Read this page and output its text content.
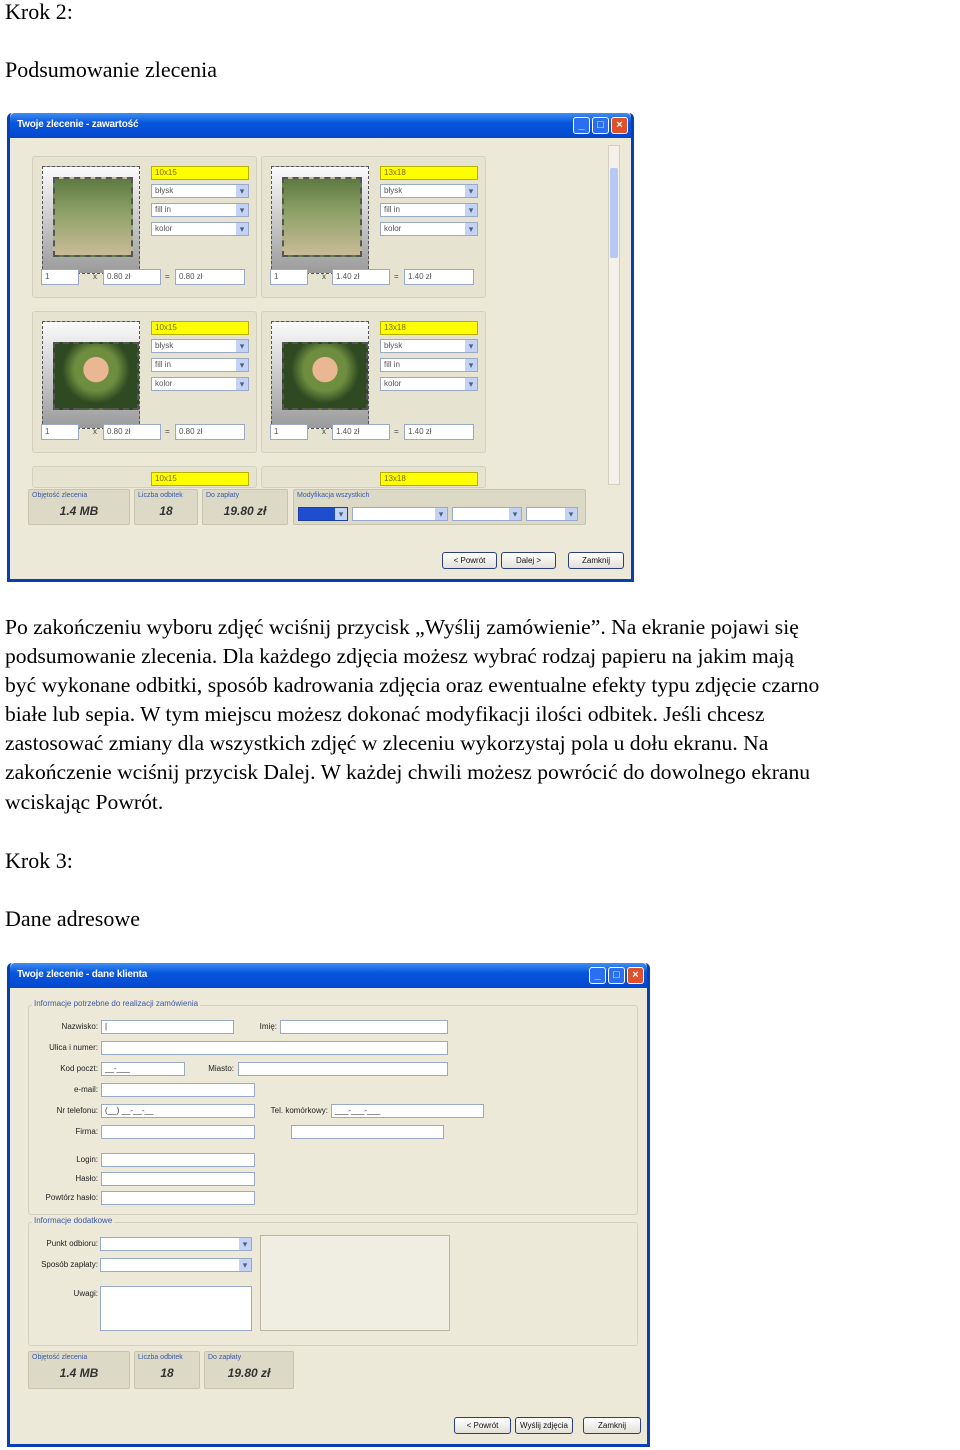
Krok 2:
Podsumowanie zlecenia
Twoje zlecenie - zawartość	_	□	×
10x15
błysk ▾
fill in ▾
kolor ▾
1	x	0.80 zł	=	0.80 zł
13x18
błysk ▾
fill in ▾
kolor ▾
1	x	1.40 zł	=	1.40 zł
10x15
błysk ▾
fill in ▾
kolor ▾
1	x	0.80 zł	=	0.80 zł
13x18
błysk ▾
fill in ▾
kolor ▾
1	x	1.40 zł	=	1.40 zł
10x15	13x18
Objętość zlecenia
1.4 MB
Liczba odbitek
18
Do zapłaty
19.80 zł
Modyfikacja wszystkich
▾
▾
▾
▾
< Powrót	Dalej >	Zamknij
Po zakończeniu wyboru zdjęć wciśnij przycisk „Wyślij zamówienie”. Na ekranie pojawi się
podsumowanie zlecenia. Dla każdego zdjęcia możesz wybrać rodzaj papieru na jakim mają
być wykonane odbitki, sposób kadrowania zdjęcia oraz ewentualne efekty typu zdjęcie czarno
białe lub sepia. W tym miejscu możesz dokonać modyfikacji ilości odbitek. Jeśli chcesz
zastosować zmiany dla wszystkich zdjęć w zleceniu wykorzystaj pola u dołu ekranu. Na
zakończenie wciśnij przycisk Dalej. W każdej chwili możesz powrócić do dowolnego ekranu
wciskając Powrót.
Krok 3:
Dane adresowe
Twoje zlecenie - dane klienta	_	□	×
Informacje potrzebne do realizacji zamówienia
Nazwisko: |	Imię:
Ulica i numer:
Kod poczt: __-___	Miasto:
e-mail:
Nr telefonu: (__) __-__-__	Tel. komórkowy: ___-___-___
Firma:
Login:
Hasło:
Powtórz hasło:
Informacje dodatkowe
Punkt odbioru:
▾
Sposób zapłaty:
▾
Uwagi:
Objętość zlecenia
1.4 MB
Liczba odbitek
18
Do zapłaty
19.80 zł
< Powrót	Wyślij zdjęcia	Zamknij
